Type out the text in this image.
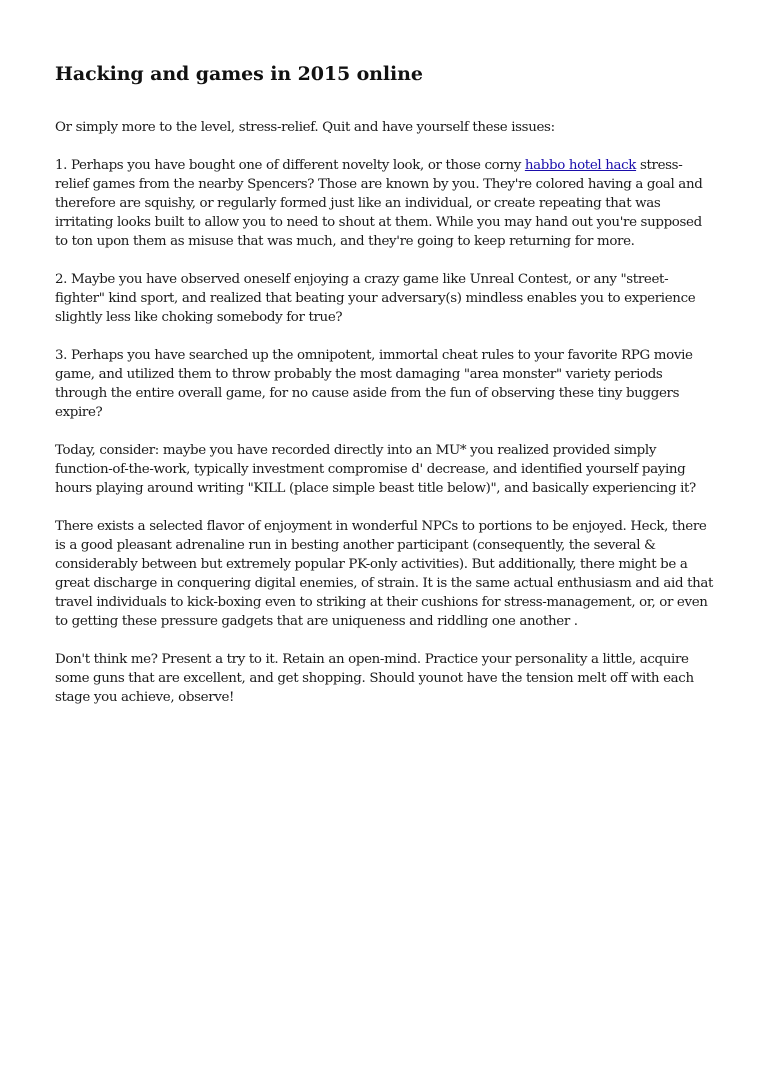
Hacking and games in 2015 online

Or simply more to the level, stress-relief. Quit and have yourself these issues:

1. Perhaps you have bought one of different novelty look, or those corny habbo hotel hack stress-relief games from the nearby Spencers? Those are known by you. They're colored having a goal and therefore are squishy, or regularly formed just like an individual, or create repeating that was irritating looks built to allow you to need to shout at them. While you may hand out you're supposed to ton upon them as misuse that was much, and they're going to keep returning for more.

2. Maybe you have observed oneself enjoying a crazy game like Unreal Contest, or any "street-fighter" kind sport, and realized that beating your adversary(s) mindless enables you to experience slightly less like choking somebody for true?

3. Perhaps you have searched up the omnipotent, immortal cheat rules to your favorite RPG movie game, and utilized them to throw probably the most damaging "area monster" variety periods through the entire overall game, for no cause aside from the fun of observing these tiny buggers expire?

Today, consider: maybe you have recorded directly into an MU* you realized provided simply function-of-the-work, typically investment compromise d' decrease, and identified yourself paying hours playing around writing "KILL (place simple beast title below)", and basically experiencing it?

There exists a selected flavor of enjoyment in wonderful NPCs to portions to be enjoyed. Heck, there is a good pleasant adrenaline run in besting another participant (consequently, the several & considerably between but extremely popular PK-only activities). But additionally, there might be a great discharge in conquering digital enemies, of strain. It is the same actual enthusiasm and aid that travel individuals to kick-boxing even to striking at their cushions for stress-management, or, or even to getting these pressure gadgets that are uniqueness and riddling one another .

Don't think me? Present a try to it. Retain an open-mind. Practice your personality a little, acquire some guns that are excellent, and get shopping. Should younot have the tension melt off with each stage you achieve, observe!
